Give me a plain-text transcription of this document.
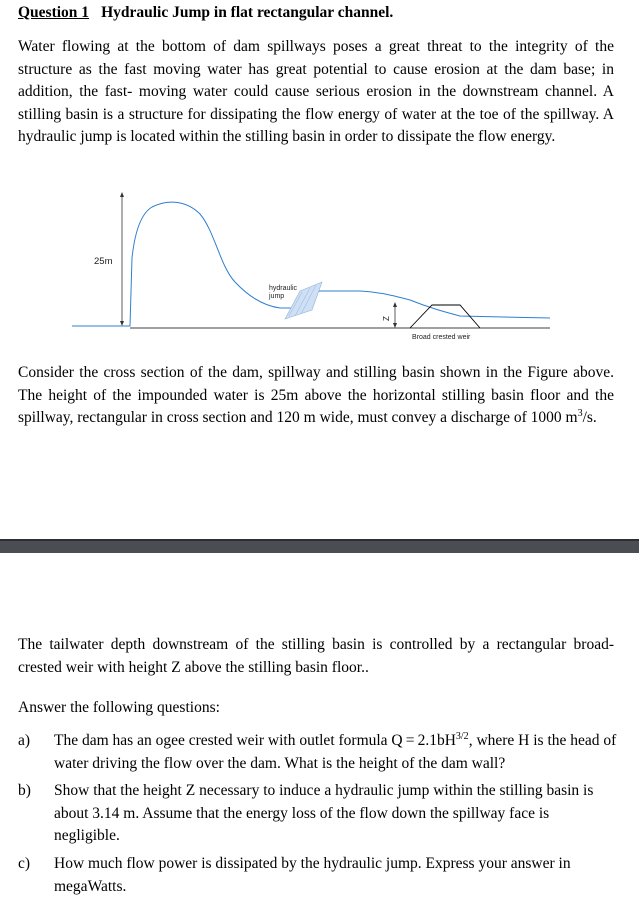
Question 1 Hydraulic Jump in flat rectangular channel.
Water flowing at the bottom of dam spillways poses a great threat to the integrity of the structure as the fast moving water has great potential to cause erosion at the dam base; in addition, the fast- moving water could cause serious erosion in the downstream channel. A stilling basin is a structure for dissipating the flow energy of water at the toe of the spillway. A hydraulic jump is located within the stilling basin in order to dissipate the flow energy.
25m
hydraulic
jump
Z
Broad crested weir
Consider the cross section of the dam, spillway and stilling basin shown in the Figure above. The height of the impounded water is 25m above the horizontal stilling basin floor and the spillway, rectangular in cross section and 120 m wide, must convey a discharge of 1000 $m^3/s$.
The tailwater depth downstream of the stilling basin is controlled by a rectangular broad-crested weir with height Z above the stilling basin floor..
Answer the following questions:
a)	The dam has an ogee crested weir with outlet formula $Q = 2.1bH^{3/2}$, where H is the head of water driving the flow over the dam. What is the height of the dam wall?
b)	Show that the height Z necessary to induce a hydraulic jump within the stilling basin is about 3.14 m. Assume that the energy loss of the flow down the spillway face is negligible.
c)	How much flow power is dissipated by the hydraulic jump. Express your answer in megaWatts.
